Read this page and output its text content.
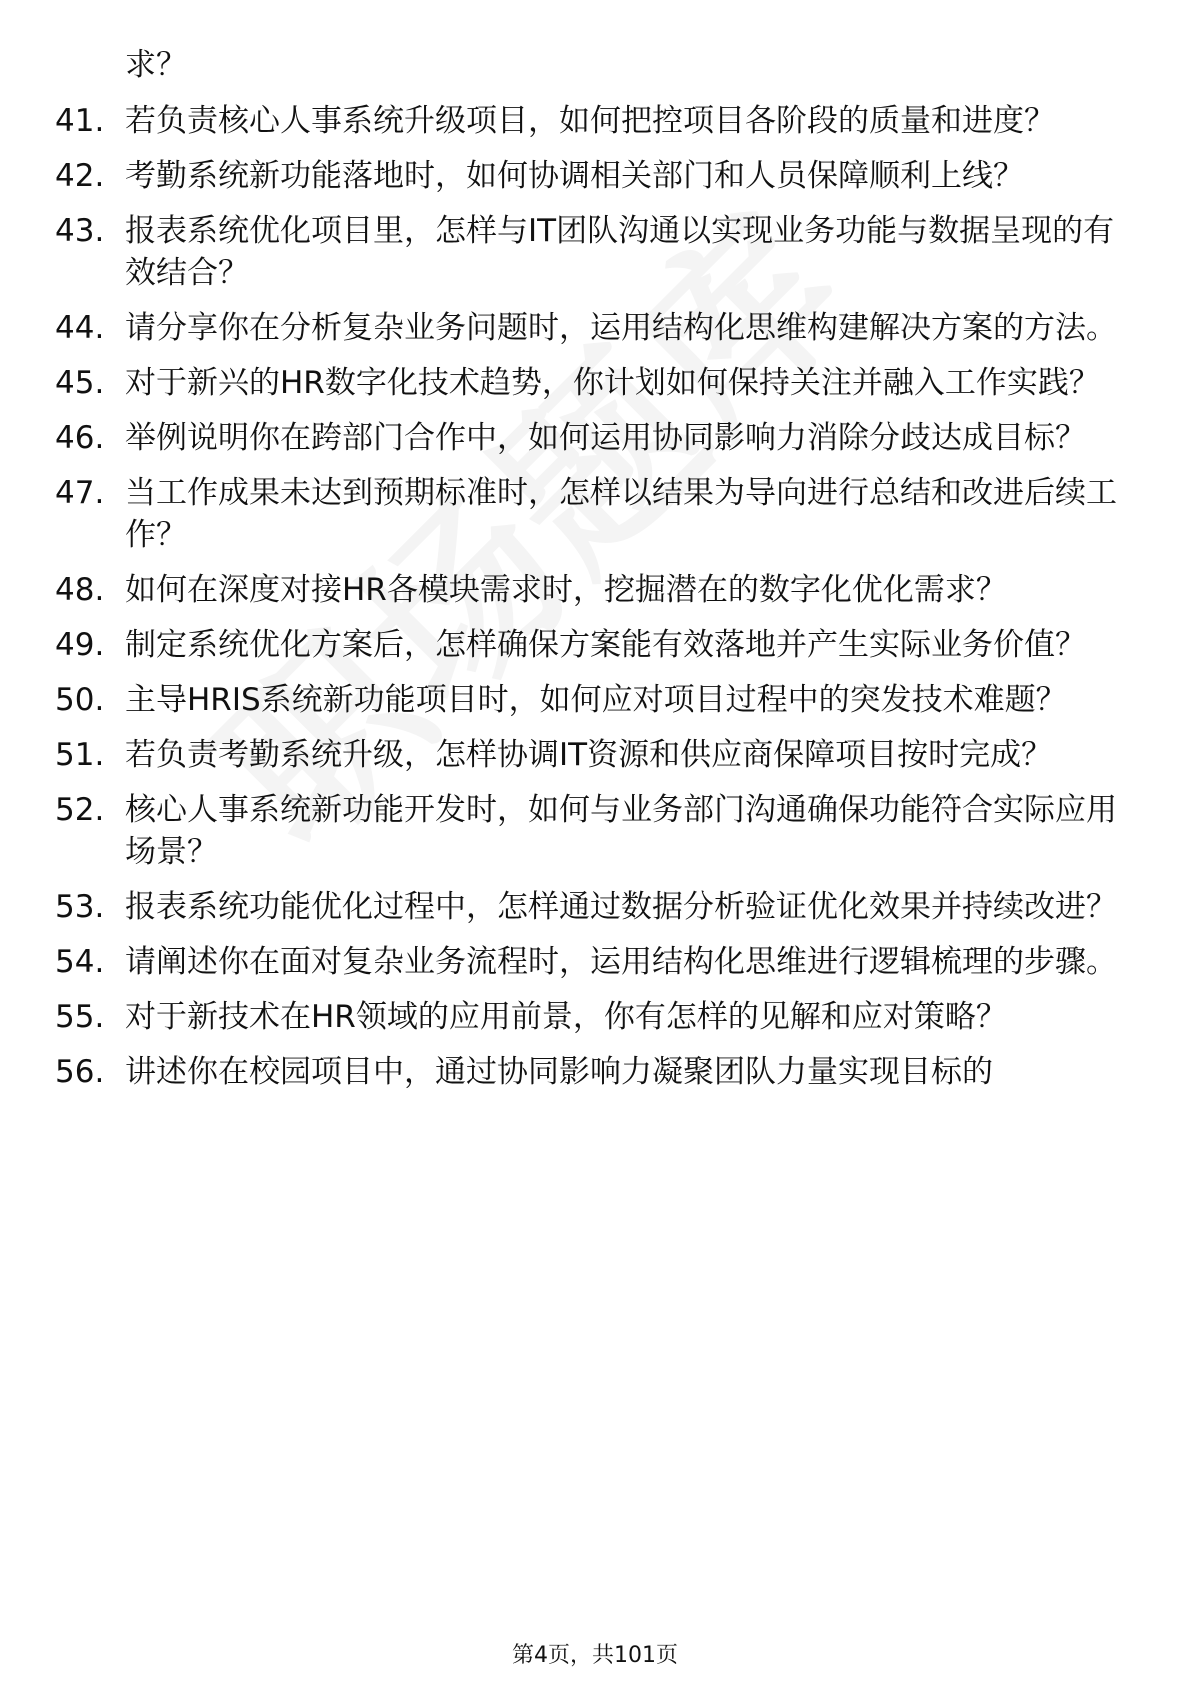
求？
41. 若负责核心人事系统升级项目，如何把控项目各阶段的质量和进度？
42. 考勤系统新功能落地时，如何协调相关部门和人员保障顺利上线？
43. 报表系统优化项目里，怎样与IT团队沟通以实现业务功能与数据呈现的有效结合？
44. 请分享你在分析复杂业务问题时，运用结构化思维构建解决方案的方法。
45. 对于新兴的HR数字化技术趋势，你计划如何保持关注并融入工作实践？
46. 举例说明你在跨部门合作中，如何运用协同影响力消除分歧达成目标？
47. 当工作成果未达到预期标准时，怎样以结果为导向进行总结和改进后续工作？
48. 如何在深度对接HR各模块需求时，挖掘潜在的数字化优化需求？
49. 制定系统优化方案后，怎样确保方案能有效落地并产生实际业务价值？
50. 主导HRIS系统新功能项目时，如何应对项目过程中的突发技术难题？
51. 若负责考勤系统升级，怎样协调IT资源和供应商保障项目按时完成？
52. 核心人事系统新功能开发时，如何与业务部门沟通确保功能符合实际应用场景？
53. 报表系统功能优化过程中，怎样通过数据分析验证优化效果并持续改进？
54. 请阐述你在面对复杂业务流程时，运用结构化思维进行逻辑梳理的步骤。
55. 对于新技术在HR领域的应用前景，你有怎样的见解和应对策略？
56. 讲述你在校园项目中，通过协同影响力凝聚团队力量实现目标的
第4页，共101页
